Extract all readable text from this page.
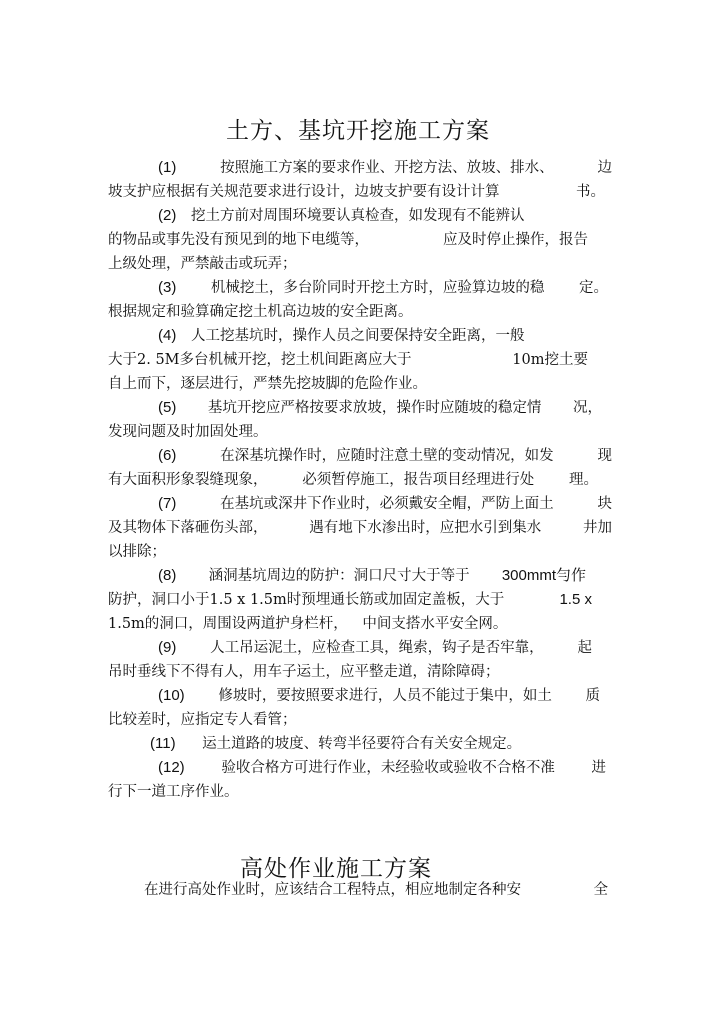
土方、基坑开挖施工方案
(1)	按照施工方案的要求作业、开挖方法、放坡、排水、	边
坡支护应根据有关规范要求进行设计，边坡支护要有设计计算	书。
(2) 挖土方前对周围环境要认真检查，如发现有不能辨认
的物品或事先没有预见到的地下电缆等，	应及时停止操作，报告
上级处理，严禁敲击或玩弄；
(3) 机械挖土，多台阶同时开挖土方时，应验算边坡的稳 定。
根据规定和验算确定挖土机高边坡的安全距离。
(4) 人工挖基坑时，操作人员之间要保持安全距离，一般
大于2. 5M多台机械开挖，挖土机间距离应大于	10m挖土要
自上而下，逐层进行，严禁先挖坡脚的危险作业。
(5) 基坑开挖应严格按要求放坡，操作时应随坡的稳定情 况，
发现问题及时加固处理。
(6)	在深基坑操作时，应随时注意土壁的变动情况，如发	现
有大面积形象裂缝现象， 必须暂停施工，报告项目经理进行处 理。
(7)	在基坑或深井下作业时，必须戴安全帽，严防上面土	块
及其物体下落砸伤头部，	遇有地下水渗出时，应把水引到集水	井加
以排除；
(8) 涵洞基坑周边的防护：洞口尺寸大于等于 300mmt勻作
防护，洞口小于1.5 x 1.5m时预埋通长筋或加固定盖板，大于	1.5 x
1.5m的洞口，周围设两道护身栏杆， 中间支搭水平安全网。
(9) 人工吊运泥土，应检查工具，绳索，钩子是否牢靠， 起
吊时垂线下不得有人，用车子运土，应平整走道，清除障碍；
(10) 修坡时，要按照要求进行，人员不能过于集中，如土 质
比较差时，应指定专人看管；
(11) 运土道路的坡度、转弯半径要符合有关安全规定。
(12)	验收合格方可进行作业，未经验收或验收不合格不准	进
行下一道工序作业。
高处作业施工方案
在进行高处作业时，应该结合工程特点，相应地制定各种安	全
